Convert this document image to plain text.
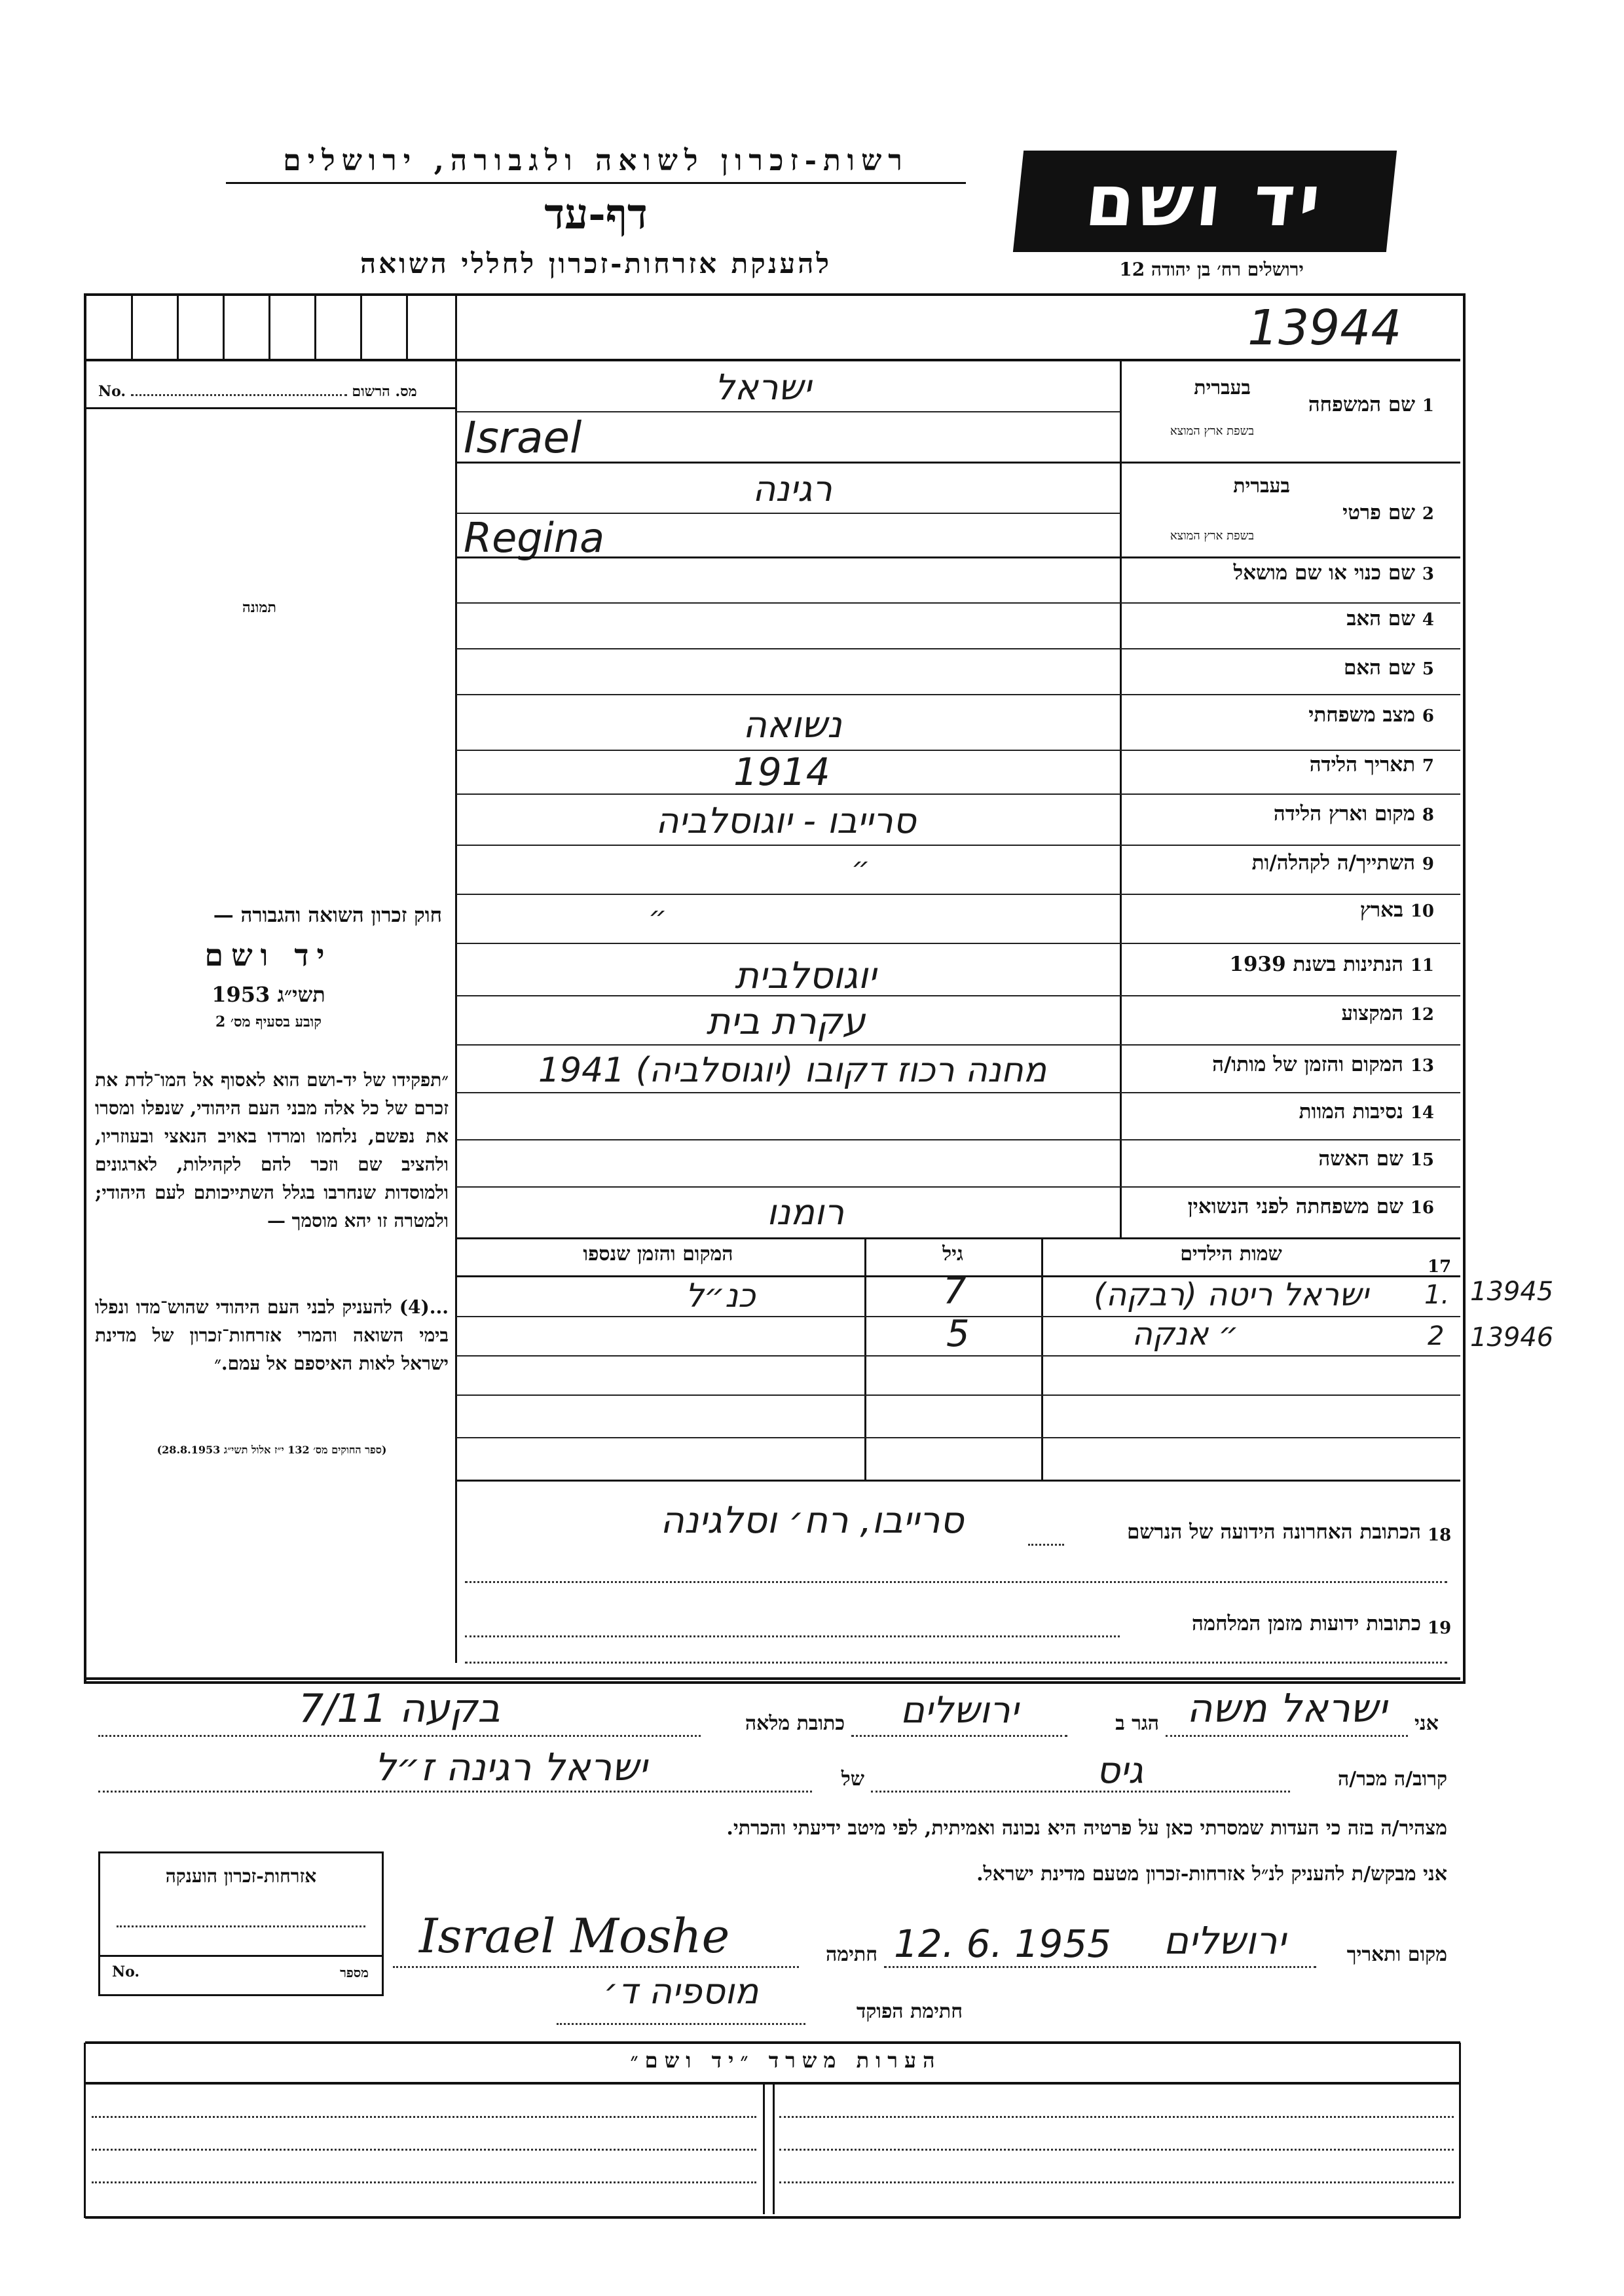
רשות-זכרון לשואה ולגבורה, ירושלים
דף-עד
להענקת אזרחות-זכרון לחללי השואה
יד ושם
ירושלים רח׳ בן יהודה 12
13944
No.	מס. הרשום
תמונה
חוק זכרון השואה והגבורה —
יד ושם
תשי״ג 1953
קובע בסעיף מס׳ 2
״תפקידו של יד-ושם הוא לאסוף אל המו־לדת את זכרם של כל אלה מבני העם היהודי, שנפלו ומסרו את נפשם, נלחמו ומרדו באויב הנאצי ובעוזריו, ולהציב שם וזכר להם לקהילות, לארגונים ולמוסדות שנחרבו בגלל השתייכותם לעם היהודי; ולמטרה זו יהא מוסמך —
...(4) להעניק לבני העם היהודי שהוש־מדו ונפלו בימי השואה והמרי אזרחות־זכרון של מדינת ישראל לאות האיספם אל עמם.״
(ספר החוקים מס׳ 132 י״ז אלול תשי״ג 28.8.1953)
1 שם המשפחה
בעברית
בשפת ארץ המוצא
ישראל
Israel
בעברית
2 שם פרטי
בשפת ארץ המוצא
רגינה
Regina
3 שם כנוי או שם מושאל
4 שם האב
5 שם האם
6 מצב משפחתי
נשואה
7 תאריך הלידה
1914
8 מקום וארץ הלידה
סרייבו - יוגוסלביה
9 השתייך/ה לקהלה/ות
״
10 בארץ
״
11 הנתינות בשנת 1939
יוגוסלבית
12 המקצוע
עקרת בית
13 המקום והזמן של מותו/ה
מחנה רכוז דקובו (יוגוסלביה) 1941
14 נסיבות המוות
15 שם האשה
16 שם משפחתה לפני הנשואין
רומנו
17
שמות הילדים
גיל
המקום והזמן שנספו
1.
ישראל ריטה (רבקה)
7
כנ״ל	13945
2
״ אנקה
5	13946
18
הכתובת האחרונה הידועה של הנרשם
סרייבו, רח׳ וסלגינה
19
כתובות ידועות מזמן המלחמה
אני
ישראל משה
הגר ב
ירושלים
כתובת מלאה
בקעה 7/11
קרוב/ה מכר/ה
גיס
של
ישראל רגינה ז״ל
מצהיר/ה בזה כי העדות שמסרתי כאן על פרטיה היא נכונה ואמיתית, לפי מיטב ידיעתי והכרתי.
אני מבקש/ת להעניק לנ״ל אזרחות-זכרון מטעם מדינת ישראל.
אזרחות-זכרון הוענקה
No.	מספר
מקום ותאריך
ירושלים
12. 6. 1955
חתימה
Israel Moshe
חתימת הפוקד
מוספיה ד׳
הערות משרד ״יד ושם״
